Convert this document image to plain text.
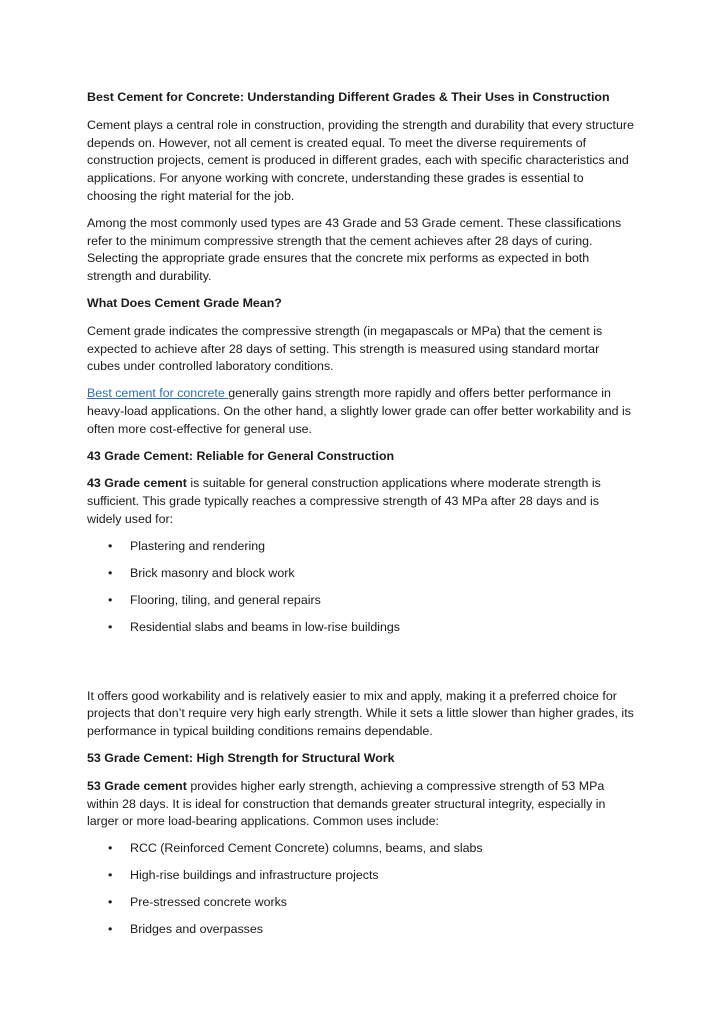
Best Cement for Concrete: Understanding Different Grades & Their Uses in Construction

Cement plays a central role in construction, providing the strength and durability that every structure depends on. However, not all cement is created equal. To meet the diverse requirements of construction projects, cement is produced in different grades, each with specific characteristics and applications. For anyone working with concrete, understanding these grades is essential to choosing the right material for the job.

Among the most commonly used types are 43 Grade and 53 Grade cement. These classifications refer to the minimum compressive strength that the cement achieves after 28 days of curing. Selecting the appropriate grade ensures that the concrete mix performs as expected in both strength and durability.

What Does Cement Grade Mean?

Cement grade indicates the compressive strength (in megapascals or MPa) that the cement is expected to achieve after 28 days of setting. This strength is measured using standard mortar cubes under controlled laboratory conditions.

Best cement for concrete generally gains strength more rapidly and offers better performance in heavy-load applications. On the other hand, a slightly lower grade can offer better workability and is often more cost-effective for general use.

43 Grade Cement: Reliable for General Construction

43 Grade cement is suitable for general construction applications where moderate strength is sufficient. This grade typically reaches a compressive strength of 43 MPa after 28 days and is widely used for:

• Plastering and rendering
• Brick masonry and block work
• Flooring, tiling, and general repairs
• Residential slabs and beams in low-rise buildings

It offers good workability and is relatively easier to mix and apply, making it a preferred choice for projects that don’t require very high early strength. While it sets a little slower than higher grades, its performance in typical building conditions remains dependable.

53 Grade Cement: High Strength for Structural Work

53 Grade cement provides higher early strength, achieving a compressive strength of 53 MPa within 28 days. It is ideal for construction that demands greater structural integrity, especially in larger or more load-bearing applications. Common uses include:

• RCC (Reinforced Cement Concrete) columns, beams, and slabs
• High-rise buildings and infrastructure projects
• Pre-stressed concrete works
• Bridges and overpasses
